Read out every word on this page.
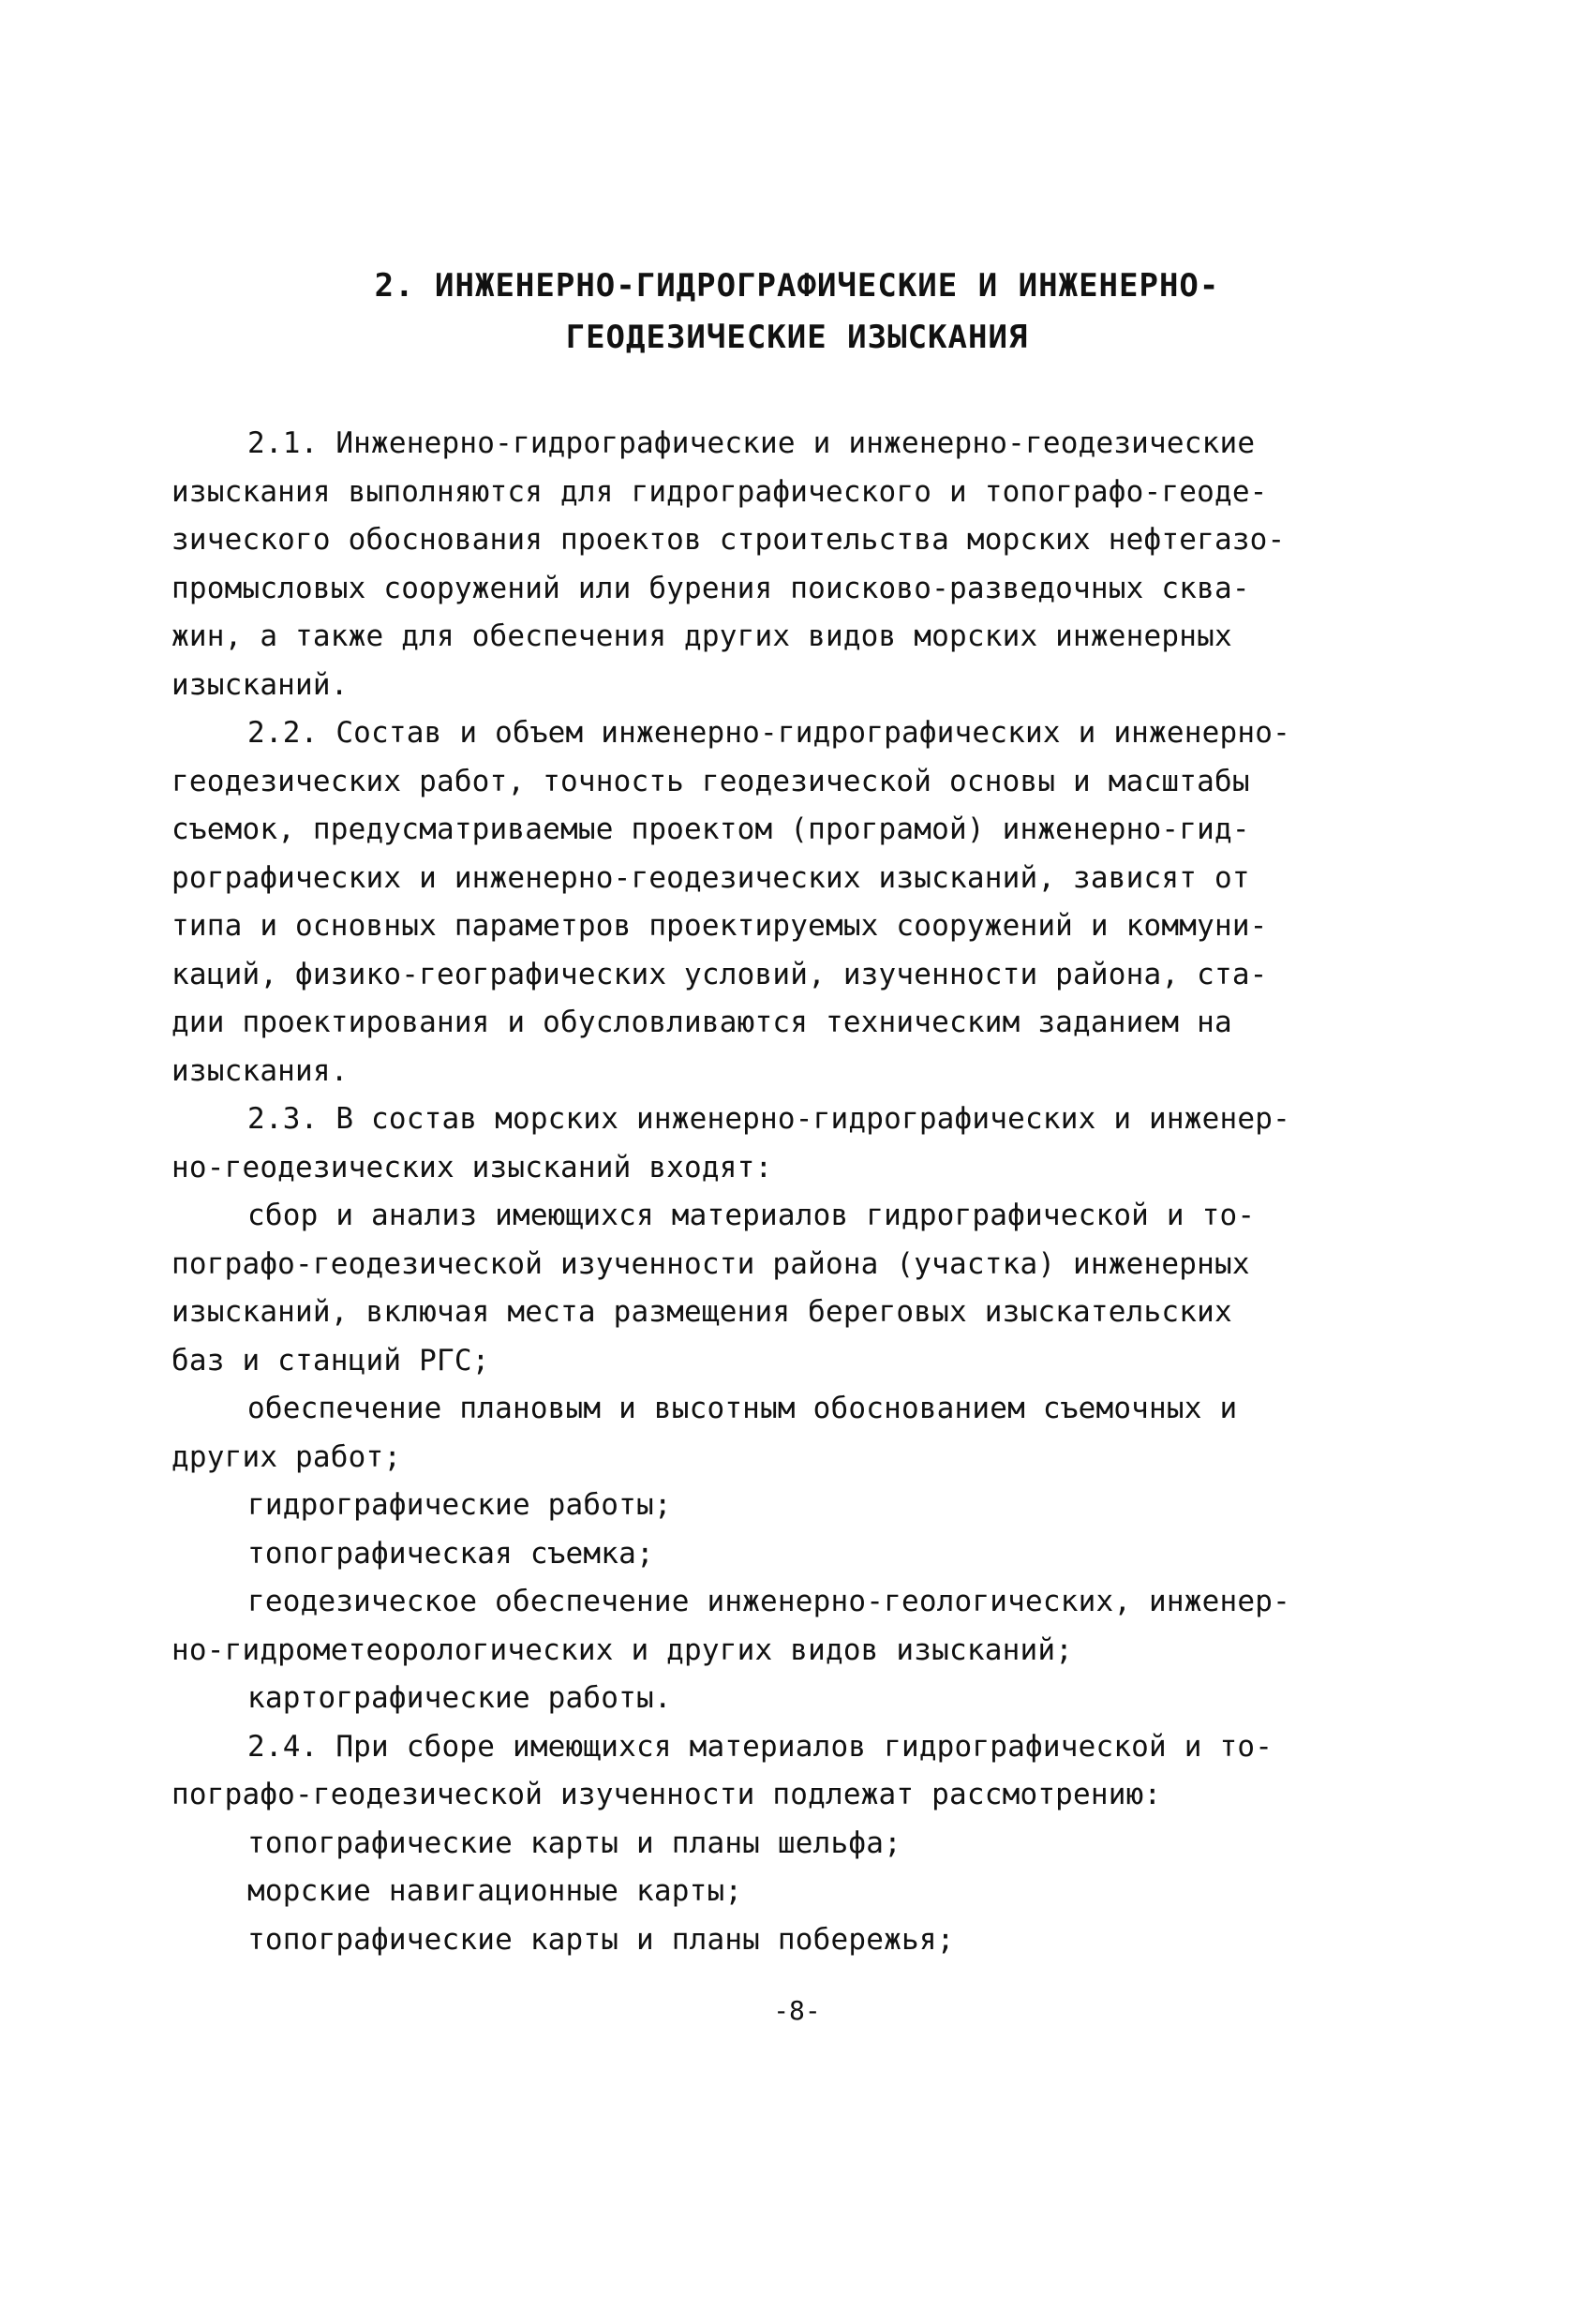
2. ИНЖЕНЕРНО-ГИДРОГРАФИЧЕСКИЕ И ИНЖЕНЕРНО-
ГЕОДЕЗИЧЕСКИЕ ИЗЫСКАНИЯ
2.1. Инженерно-гидрографические и инженерно-геодезические
изыскания выполняются для гидрографического и топографо-геоде-
зического обоснования проектов строительства морских нефтегазо-
промысловых сооружений или бурения поисково-разведочных сква-
жин, а также для обеспечения других видов морских инженерных
изысканий.
2.2. Состав и объем инженерно-гидрографических и инженерно-
геодезических работ, точность геодезической основы и масштабы
съемок, предусматриваемые проектом (програмой) инженерно-гид-
рографических и инженерно-геодезических изысканий, зависят от
типа и основных параметров проектируемых сооружений и коммуни-
каций, физико-географических условий, изученности района, ста-
дии проектирования и обусловливаются техническим заданием на
изыскания.
2.3. В состав морских инженерно-гидрографических и инженер-
но-геодезических изысканий входят:
сбор и анализ имеющихся материалов гидрографической и то-
пографо-геодезической изученности района (участка) инженерных
изысканий, включая места размещения береговых изыскательских
баз и станций РГС;
обеспечение плановым и высотным обоснованием съемочных и
других работ;
гидрографические работы;
топографическая съемка;
геодезическое обеспечение инженерно-геологических, инженер-
но-гидрометеорологических и других видов изысканий;
картографические работы.
2.4. При сборе имеющихся материалов гидрографической и то-
пографо-геодезической изученности подлежат рассмотрению:
топографические карты и планы шельфа;
морские навигационные карты;
топографические карты и планы побережья;
-8-
